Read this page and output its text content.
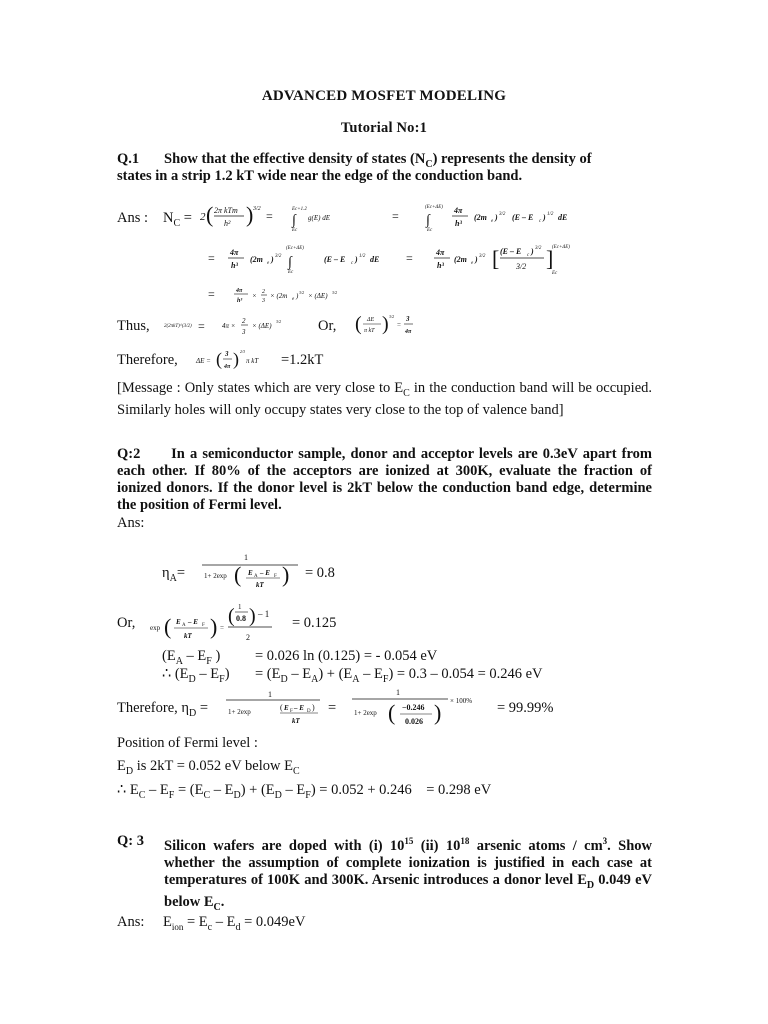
ADVANCED MOSFET MODELING
Tutorial No:1
Q.1 Show that the effective density of states $(N_C)$ represents the density of

states in a strip 1.2 kT wide near the edge of the conduction band.
Ans : $N_C = 2$ ( 2π kTm
h² ) 3/2 =	Ec+1.2
∫
Ec
g(E) dE	=
(Ec+ΔE)
∫
Ec
4π
h³
(2m e ) 3/2 (E – E c ) 1/2 dE
= 4π
h³
(2m e ) 3/2
(Ec+ΔE)
∫
Ec
(E – E c ) 1/2 dE =	4π
h³
(2m e ) 3/2 [ (E – E c ) 3/2
3/2 ]
(Ec+ΔE)
Ec
=	4π
h³
× 2
3
× (2m e ) 3/2 × (ΔE) 3/2
Thus,	2(2πkT)^(3/2) = 4π ×
2
3
× (ΔE)
3/2	Or, ( ΔE
π kT ) 3/2
=
3
4π
Therefore,	ΔE = ( 3
4π ) 2/3
π kT =1.2kT
[Message : Only states which are very close to $E_C$ in the conduction band will be occupied. Similarly holes will only occupy states very close to the top of valence band]
Q:2 In a semiconductor sample, donor and acceptor levels are 0.3eV apart from each other. If 80% of the acceptors are ionized at 300K, evaluate the fraction of ionized donors. If the donor level is 2kT below the conduction band edge, determine the position of Fermi level.
Ans:
$\eta_A=$
1
1+ 2exp ( E A – E F
kT ) = 0.8
Or, exp ( E A – E F
kT ) =
( 1
0.8 ) – 1
2
= 0.125
($E_A - E_F$ ) = 0.026 ln (0.125) = - 0.054 eV
∴ $(E_D - E_F) = (E_D - E_A) + (E_A - E_F) = 0.3 - 0.054 = 0.246$ eV
Therefore, $\eta_D$ =
1
1+ 2exp	( E F – E D )
kT
=
1
1+ 2exp ( −0.246
0.026 ) × 100% = 99.99%
Position of Fermi level :
$E_D$ is 2kT = 0.052 eV below $E_C$
∴ $E_C - E_F = (E_C - E_D) + (E_D - E_F) = 0.052 + 0.246$    = 0.298 eV
Q: 3 Silicon wafers are doped with (i) $10^{15}$ (ii) $10^{18}$ arsenic atoms / $cm^3$. Show whether the assumption of complete ionization is justified in each case at temperatures of 100K and 300K. Arsenic introduces a donor level $E_D$ 0.049 eV below $E_C$.
Ans: $E_{ion} = E_c - E_d = 0.049eV$
